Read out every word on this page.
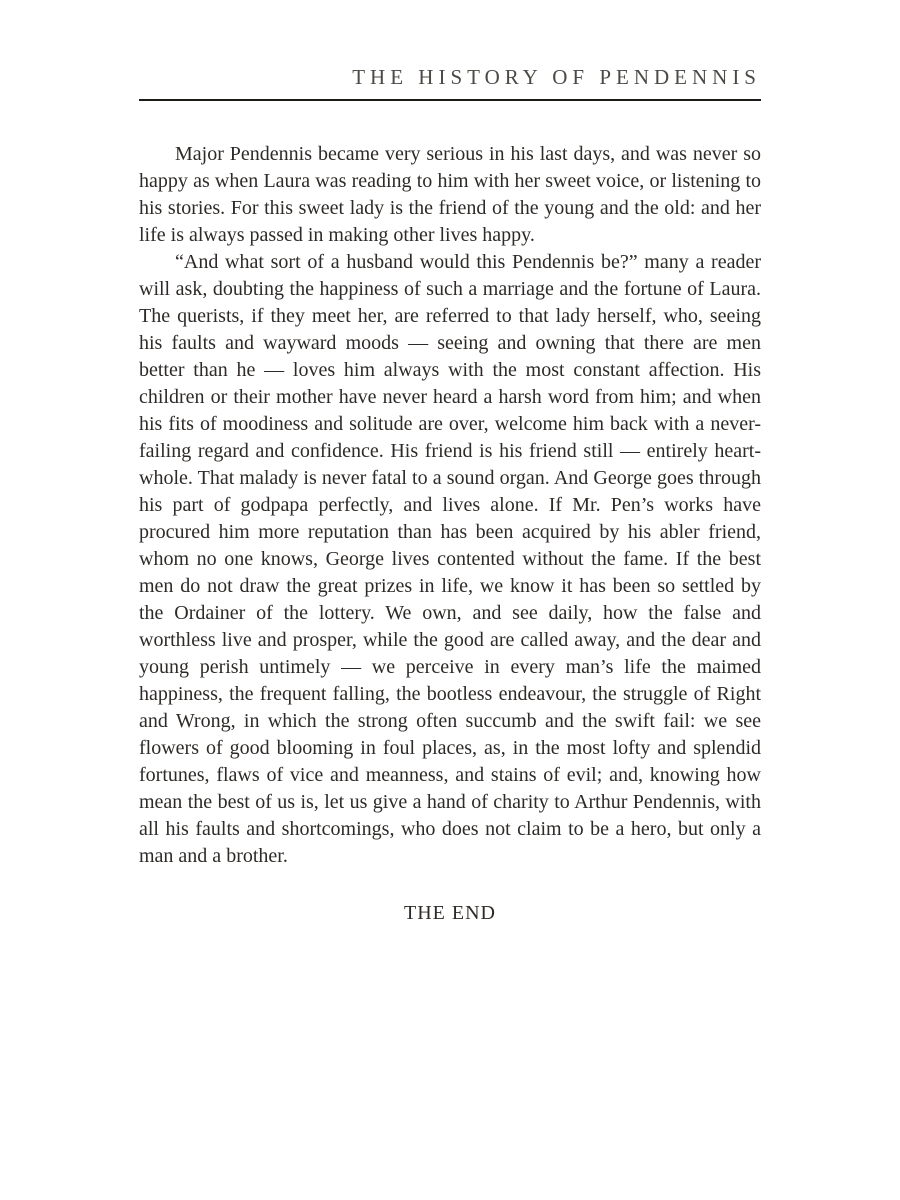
THE HISTORY OF PENDENNIS

Major Pendennis became very serious in his last days, and was never so happy as when Laura was reading to him with her sweet voice, or listening to his stories. For this sweet lady is the friend of the young and the old: and her life is always passed in making other lives happy.

“And what sort of a husband would this Pendennis be?” many a reader will ask, doubting the happiness of such a marriage and the fortune of Laura. The querists, if they meet her, are referred to that lady herself, who, seeing his faults and wayward moods — seeing and owning that there are men better than he — loves him always with the most constant affection. His children or their mother have never heard a harsh word from him; and when his fits of moodiness and solitude are over, welcome him back with a never-failing regard and confidence. His friend is his friend still — entirely heart-whole. That malady is never fatal to a sound organ. And George goes through his part of godpapa perfectly, and lives alone. If Mr. Pen’s works have procured him more reputation than has been acquired by his abler friend, whom no one knows, George lives contented without the fame. If the best men do not draw the great prizes in life, we know it has been so settled by the Ordainer of the lottery. We own, and see daily, how the false and worthless live and prosper, while the good are called away, and the dear and young perish untimely — we perceive in every man’s life the maimed happiness, the frequent falling, the bootless endeavour, the struggle of Right and Wrong, in which the strong often succumb and the swift fail: we see flowers of good blooming in foul places, as, in the most lofty and splendid fortunes, flaws of vice and meanness, and stains of evil; and, knowing how mean the best of us is, let us give a hand of charity to Arthur Pendennis, with all his faults and shortcomings, who does not claim to be a hero, but only a man and a brother.

THE END
